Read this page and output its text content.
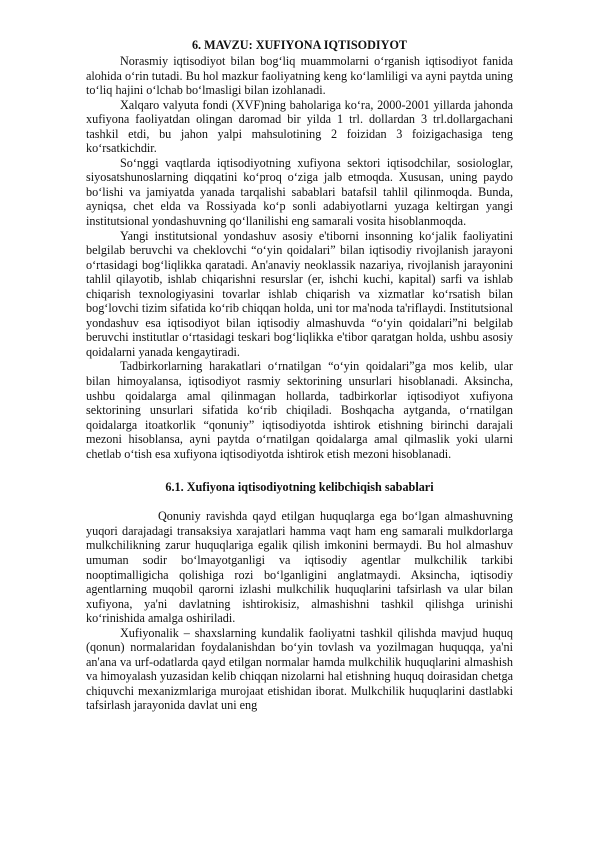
6. MAVZU: XUFIYONA IQTISODIYOT

Norasmiy iqtisodiyot bilan bog‘liq muammolarni o‘rganish iqtisodiyot fanida alohida o‘rin tutadi. Bu hol mazkur faoliyatning keng ko‘lamliligi va ayni paytda uning to‘liq hajini o‘lchab bo‘lmasligi bilan izohlanadi.

Xalqaro valyuta fondi (XVF)ning baholariga ko‘ra, 2000-2001 yillarda jahonda xufiyona faoliyatdan olingan daromad bir yilda 1 trl. dollardan 3 trl.dollargachani tashkil etdi, bu jahon yalpi mahsulotining 2 foizidan 3 foizigachasiga teng ko‘rsatkichdir.

So‘nggi vaqtlarda iqtisodiyotning xufiyona sektori iqtisodchilar, sosiologlar, siyosatshunoslarning diqqatini ko‘proq o‘ziga jalb etmoqda. Xususan, uning paydo bo‘lishi va jamiyatda yanada tarqalishi sabablari batafsil tahlil qilinmoqda. Bunda, ayniqsa, chet elda va Rossiyada ko‘p sonli adabiyotlarni yuzaga keltirgan yangi institutsional yondashuvning qo‘llanilishi eng samarali vosita hisoblanmoqda.

Yangi institutsional yondashuv asosiy e'tiborni insonning ko‘jalik faoliyatini belgilab beruvchi va cheklovchi “o‘yin qoidalari” bilan iqtisodiy rivojlanish jarayoni o‘rtasidagi bog‘liqlikka qaratadi. An'anaviy neoklassik nazariya, rivojlanish jarayonini tahlil qilayotib, ishlab chiqarishni resurslar (er, ishchi kuchi, kapital) sarfi va ishlab chiqarish texnologiyasini tovarlar ishlab chiqarish va xizmatlar ko‘rsatish bilan bog‘lovchi tizim sifatida ko‘rib chiqqan holda, uni tor ma'noda ta'riflaydi. Institutsional yondashuv esa iqtisodiyot bilan iqtisodiy almashuvda “o‘yin qoidalari”ni belgilab beruvchi institutlar o‘rtasidagi teskari bog‘liqlikka e'tibor qaratgan holda, ushbu asosiy qoidalarni yanada kengaytiradi.

Tadbirkorlarning harakatlari o‘rnatilgan “o‘yin qoidalari”ga mos kelib, ular bilan himoyalansa, iqtisodiyot rasmiy sektorining unsurlari hisoblanadi. Aksincha, ushbu qoidalarga amal qilinmagan hollarda, tadbirkorlar iqtisodiyot xufiyona sektorining unsurlari sifatida ko‘rib chiqiladi. Boshqacha aytganda, o‘rnatilgan qoidalarga itoatkorlik “qonuniy” iqtisodiyotda ishtirok etishning birinchi darajali mezoni hisoblansa, ayni paytda o‘rnatilgan qoidalarga amal qilmaslik yoki ularni chetlab o‘tish esa xufiyona iqtisodiyotda ishtirok etish mezoni hisoblanadi.

6.1. Xufiyona iqtisodiyotning kelibchiqish sabablari

Qonuniy ravishda qayd etilgan huquqlarga ega bo‘lgan almashuvning yuqori darajadagi transaksiya xarajatlari hamma vaqt ham eng samarali mulkdorlarga mulkchilikning zarur huquqlariga egalik qilish imkonini bermaydi. Bu hol almashuv umuman sodir bo‘lmayotganligi va iqtisodiy agentlar mulkchilik tarkibi nooptimalligicha qolishiga rozi bo‘lganligini anglatmaydi. Aksincha, iqtisodiy agentlarning muqobil qarorni izlashi mulkchilik huquqlarini tafsirlash va ular bilan xufiyona, ya'ni davlatning ishtirokisiz, almashishni tashkil qilishga urinishi ko‘rinishida amalga oshiriladi.

Xufiyonalik – shaxslarning kundalik faoliyatni tashkil qilishda mavjud huquq (qonun) normalaridan foydalanishdan bo‘yin tovlash va yozilmagan huquqqa, ya'ni an'ana va urf-odatlarda qayd etilgan normalar hamda mulkchilik huquqlarini almashish va himoyalash yuzasidan kelib chiqqan nizolarni hal etishning huquq doirasidan chetga chiquvchi mexanizmlariga murojaat etishidan iborat. Mulkchilik huquqlarini dastlabki tafsirlash jarayonida davlat uni eng
